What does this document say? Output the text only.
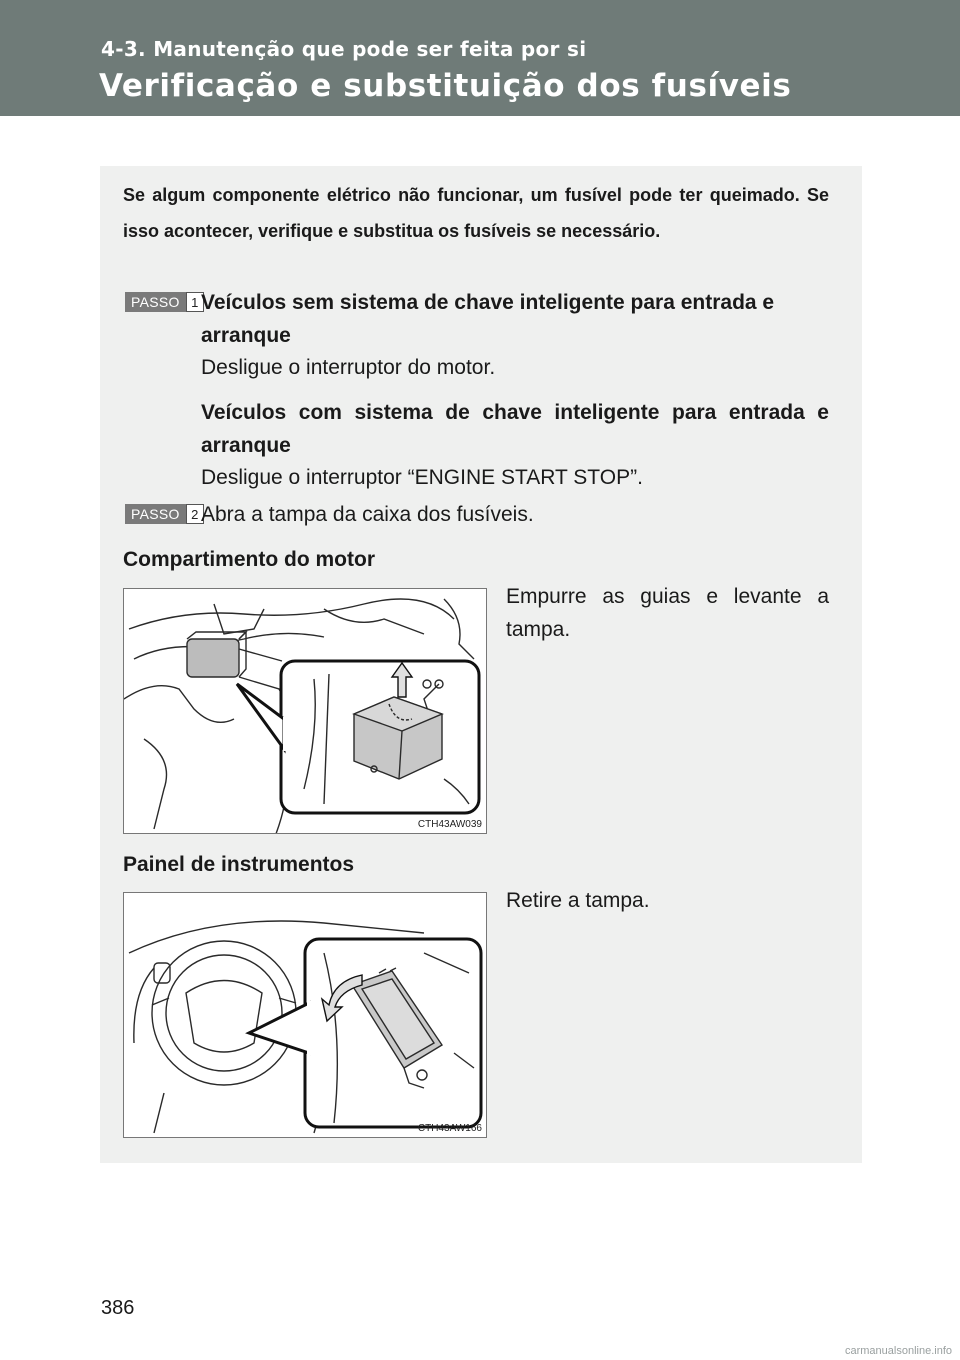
4-3. Manutenção que pode ser feita por si
Verificação e substituição dos fusíveis
Se algum componente elétrico não funcionar, um fusível pode ter queimado. Se isso acontecer, verifique e substitua os fusíveis se necessário.
PASSO 1 Veículos sem sistema de chave inteligente para entrada e arranque
Desligue o interruptor do motor.
Veículos com sistema de chave inteligente para entrada e arranque
Desligue o interruptor “ENGINE START STOP”.
PASSO 2 Abra a tampa da caixa dos fusíveis.
Compartimento do motor
Empurre as guias e levante a tampa.
CTH43AW039
Painel de instrumentos
Retire a tampa.
CTH43AW166
386
carmanualsonline.info
